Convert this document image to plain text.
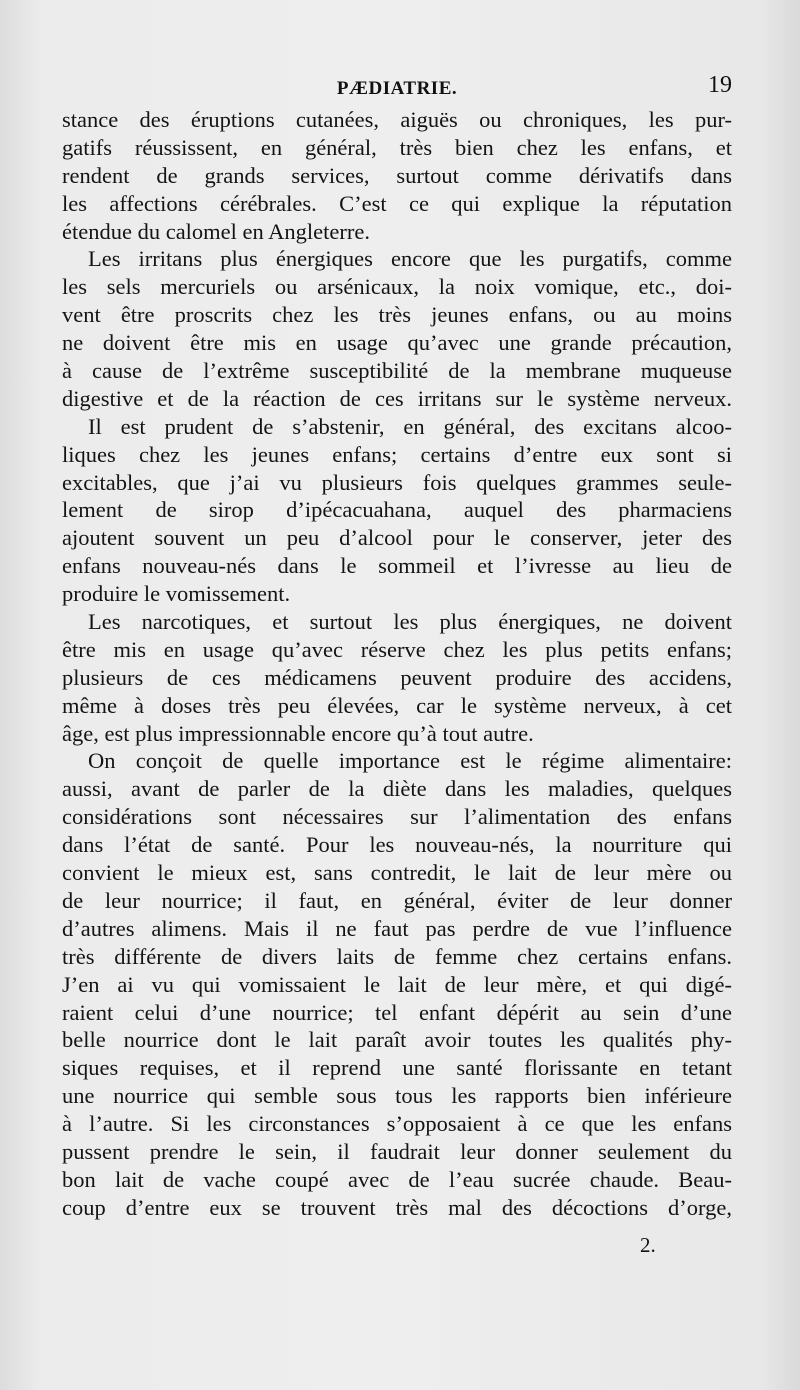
PÆDIATRIE.	19
stance des éruptions cutanées, aiguës ou chroniques, les pur-
gatifs réussissent, en général, très bien chez les enfans, et
rendent de grands services, surtout comme dérivatifs dans
les affections cérébrales. C’est ce qui explique la réputation
étendue du calomel en Angleterre.
Les irritans plus énergiques encore que les purgatifs, comme
les sels mercuriels ou arsénicaux, la noix vomique, etc., doi-
vent être proscrits chez les très jeunes enfans, ou au moins
ne doivent être mis en usage qu’avec une grande précaution,
à cause de l’extrême susceptibilité de la membrane muqueuse
digestive et de la réaction de ces irritans sur le système nerveux.
Il est prudent de s’abstenir, en général, des excitans alcoo-
liques chez les jeunes enfans; certains d’entre eux sont si
excitables, que j’ai vu plusieurs fois quelques grammes seule-
lement de sirop d’ipécacuahana, auquel des pharmaciens
ajoutent souvent un peu d’alcool pour le conserver, jeter des
enfans nouveau-nés dans le sommeil et l’ivresse au lieu de
produire le vomissement.
Les narcotiques, et surtout les plus énergiques, ne doivent
être mis en usage qu’avec réserve chez les plus petits enfans;
plusieurs de ces médicamens peuvent produire des accidens,
même à doses très peu élevées, car le système nerveux, à cet
âge, est plus impressionnable encore qu’à tout autre.
On conçoit de quelle importance est le régime alimentaire:
aussi, avant de parler de la diète dans les maladies, quelques
considérations sont nécessaires sur l’alimentation des enfans
dans l’état de santé. Pour les nouveau-nés, la nourriture qui
convient le mieux est, sans contredit, le lait de leur mère ou
de leur nourrice; il faut, en général, éviter de leur donner
d’autres alimens. Mais il ne faut pas perdre de vue l’influence
très différente de divers laits de femme chez certains enfans.
J’en ai vu qui vomissaient le lait de leur mère, et qui digé-
raient celui d’une nourrice; tel enfant dépérit au sein d’une
belle nourrice dont le lait paraît avoir toutes les qualités phy-
siques requises, et il reprend une santé florissante en tetant
une nourrice qui semble sous tous les rapports bien inférieure
à l’autre. Si les circonstances s’opposaient à ce que les enfans
pussent prendre le sein, il faudrait leur donner seulement du
bon lait de vache coupé avec de l’eau sucrée chaude. Beau-
coup d’entre eux se trouvent très mal des décoctions d’orge,
2.
